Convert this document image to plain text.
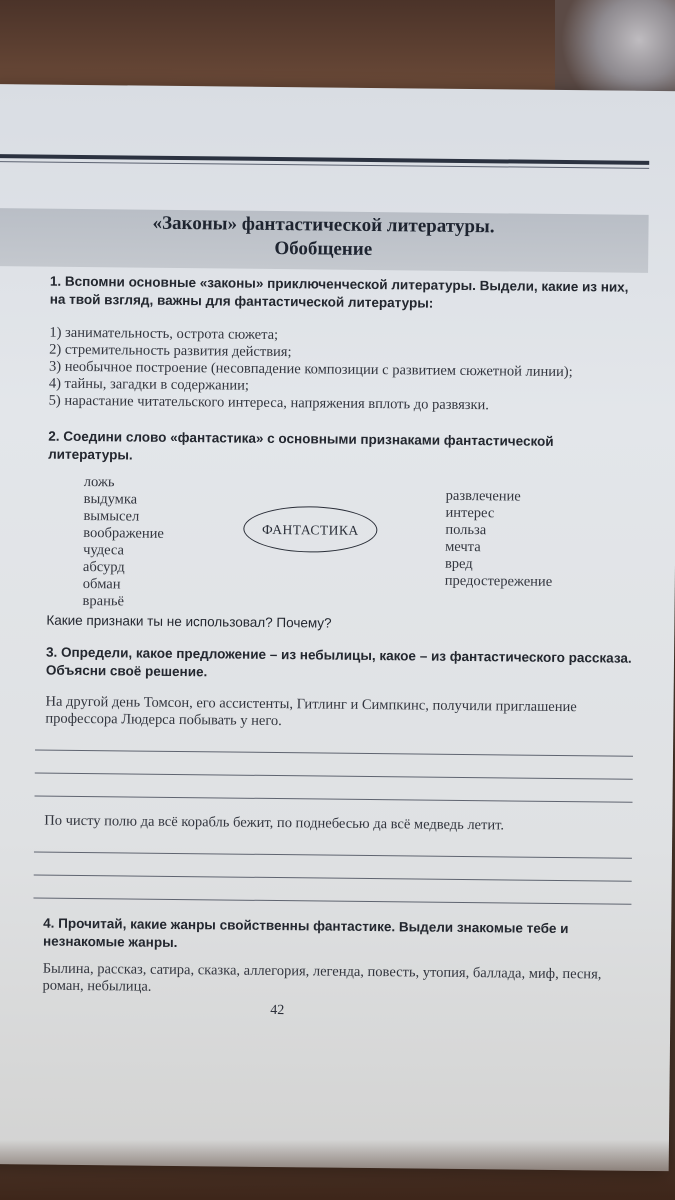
«Законы» фантастической литературы.
Обобщение
1. Вспомни основные «законы» приключенческой литературы. Выдели, какие из них, на твой взгляд, важны для фантастической литературы:
1) занимательность, острота сюжета;
2) стремительность развития действия;
3) необычное построение (несовпадение композиции с развитием сюжетной линии);
4) тайны, загадки в содержании;
5) нарастание читательского интереса, напряжения вплоть до развязки.
2. Соедини слово «фантастика» с основными признаками фантастической литературы.
ложь
выдумка
вымысел
воображение
чудеса
абсурд
обман
враньё
ФАНТАСТИКА
развлечение
интерес
польза
мечта
вред
предостережение
Какие признаки ты не использовал? Почему?
3. Определи, какое предложение – из небылицы, какое – из фантастического рассказа. Объясни своё решение.
На другой день Томсон, его ассистенты, Гитлинг и Симпкинс, получили приглашение профессора Людерса побывать у него.
По чисту полю да всё корабль бежит, по поднебесью да всё медведь летит.
4. Прочитай, какие жанры свойственны фантастике. Выдели знакомые тебе и незнакомые жанры.
Былина, рассказ, сатира, сказка, аллегория, легенда, повесть, утопия, баллада, миф, песня, роман, небылица.
42
